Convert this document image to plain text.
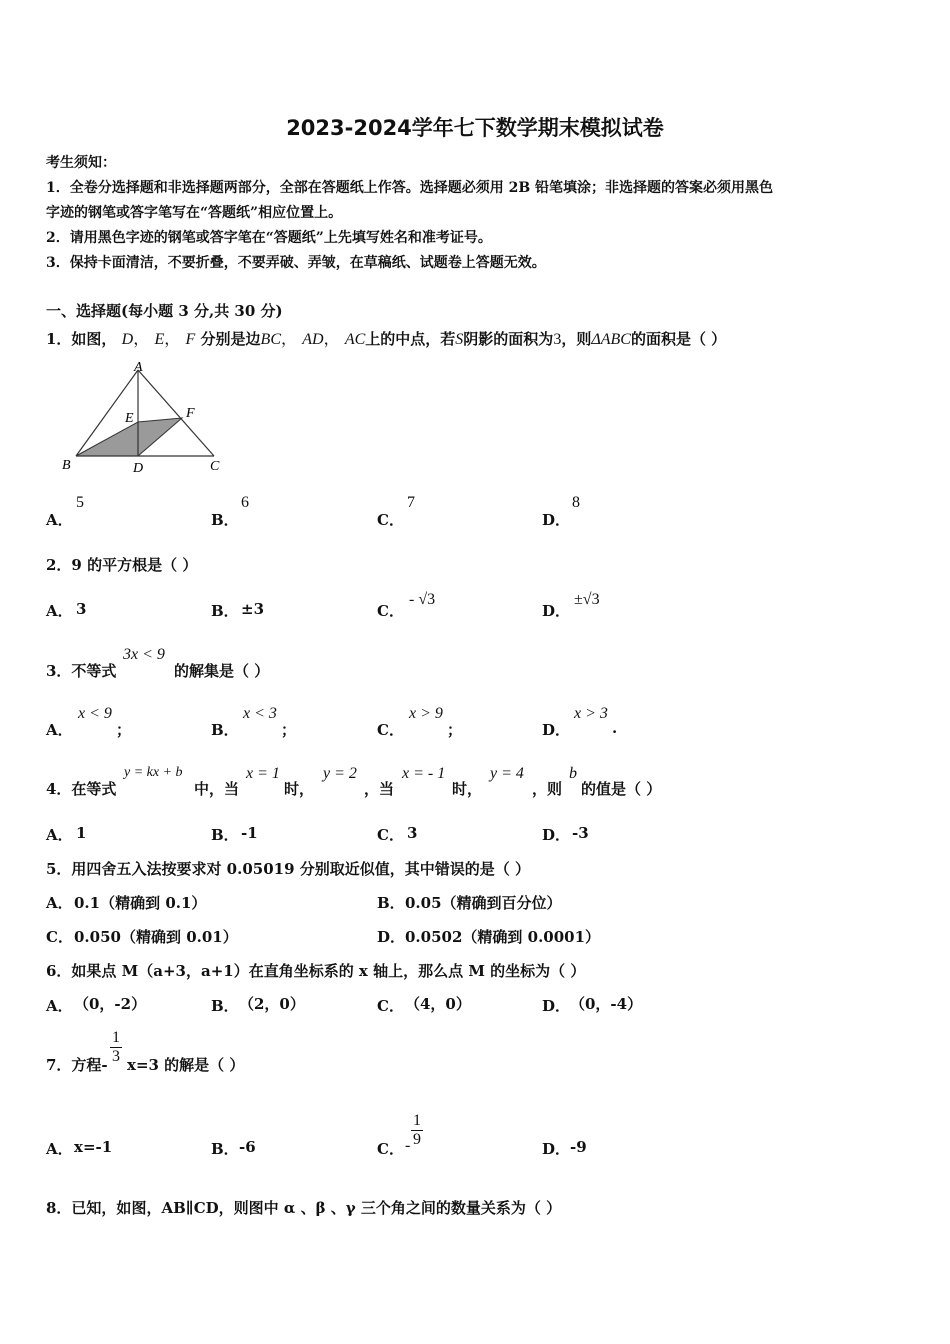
2023-2024学年七下数学期末模拟试卷
考生须知：
1．全卷分选择题和非选择题两部分，全部在答题纸上作答。选择题必须用 2B 铅笔填涂；非选择题的答案必须用黑色
字迹的钢笔或答字笔写在“答题纸”相应位置上。
2．请用黑色字迹的钢笔或答字笔在“答题纸”上先填写姓名和准考证号。
3．保持卡面清洁，不要折叠，不要弄破、弄皱，在草稿纸、试题卷上答题无效。
一、选择题(每小题 3 分,共 30 分)
1．如图， D， E， F 分别是边BC， AD， AC上的中点，若S阴影的面积为3，则ΔABC的面积是（ ）
A
B	C
D
E	F
A．
5
B．
6
C．
7
D．
8
2．9 的平方根是（ ）
A． 3	B． ±3	C．
- √3
D．
±√3
3．不等式
3x < 9
的解集是（ ）
A．
x < 9
；	B．
x < 3
；	C．
x > 9
；	D．
x > 3
.
4．在等式
y = kx + b
中，当
x = 1
时，
y = 2
，当
x = - 1
时，
y = 4
，则
b
的值是（ ）
A． 1	B． -1	C． 3	D． -3
5．用四舍五入法按要求对 0.05019 分别取近似值，其中错误的是（ ）
A． 0.1（精确到 0.1）	B． 0.05（精确到百分位）
C． 0.050（精确到 0.01）	D． 0.0502（精确到 0.0001）
6．如果点 M（a+3，a+1）在直角坐标系的 x 轴上，那么点 M 的坐标为（ ）
A． （0，-2）	B． （2，0）	C． （4，0）	D． （0，-4）
7．方程- $\frac{1}{3} x=3$ 的解是（ ）
A． x=-1	B． -6	C． - $\frac{1}{9}$	D． -9
8．已知，如图，AB∥CD，则图中 α 、β 、γ 三个角之间的数量关系为（ ）
